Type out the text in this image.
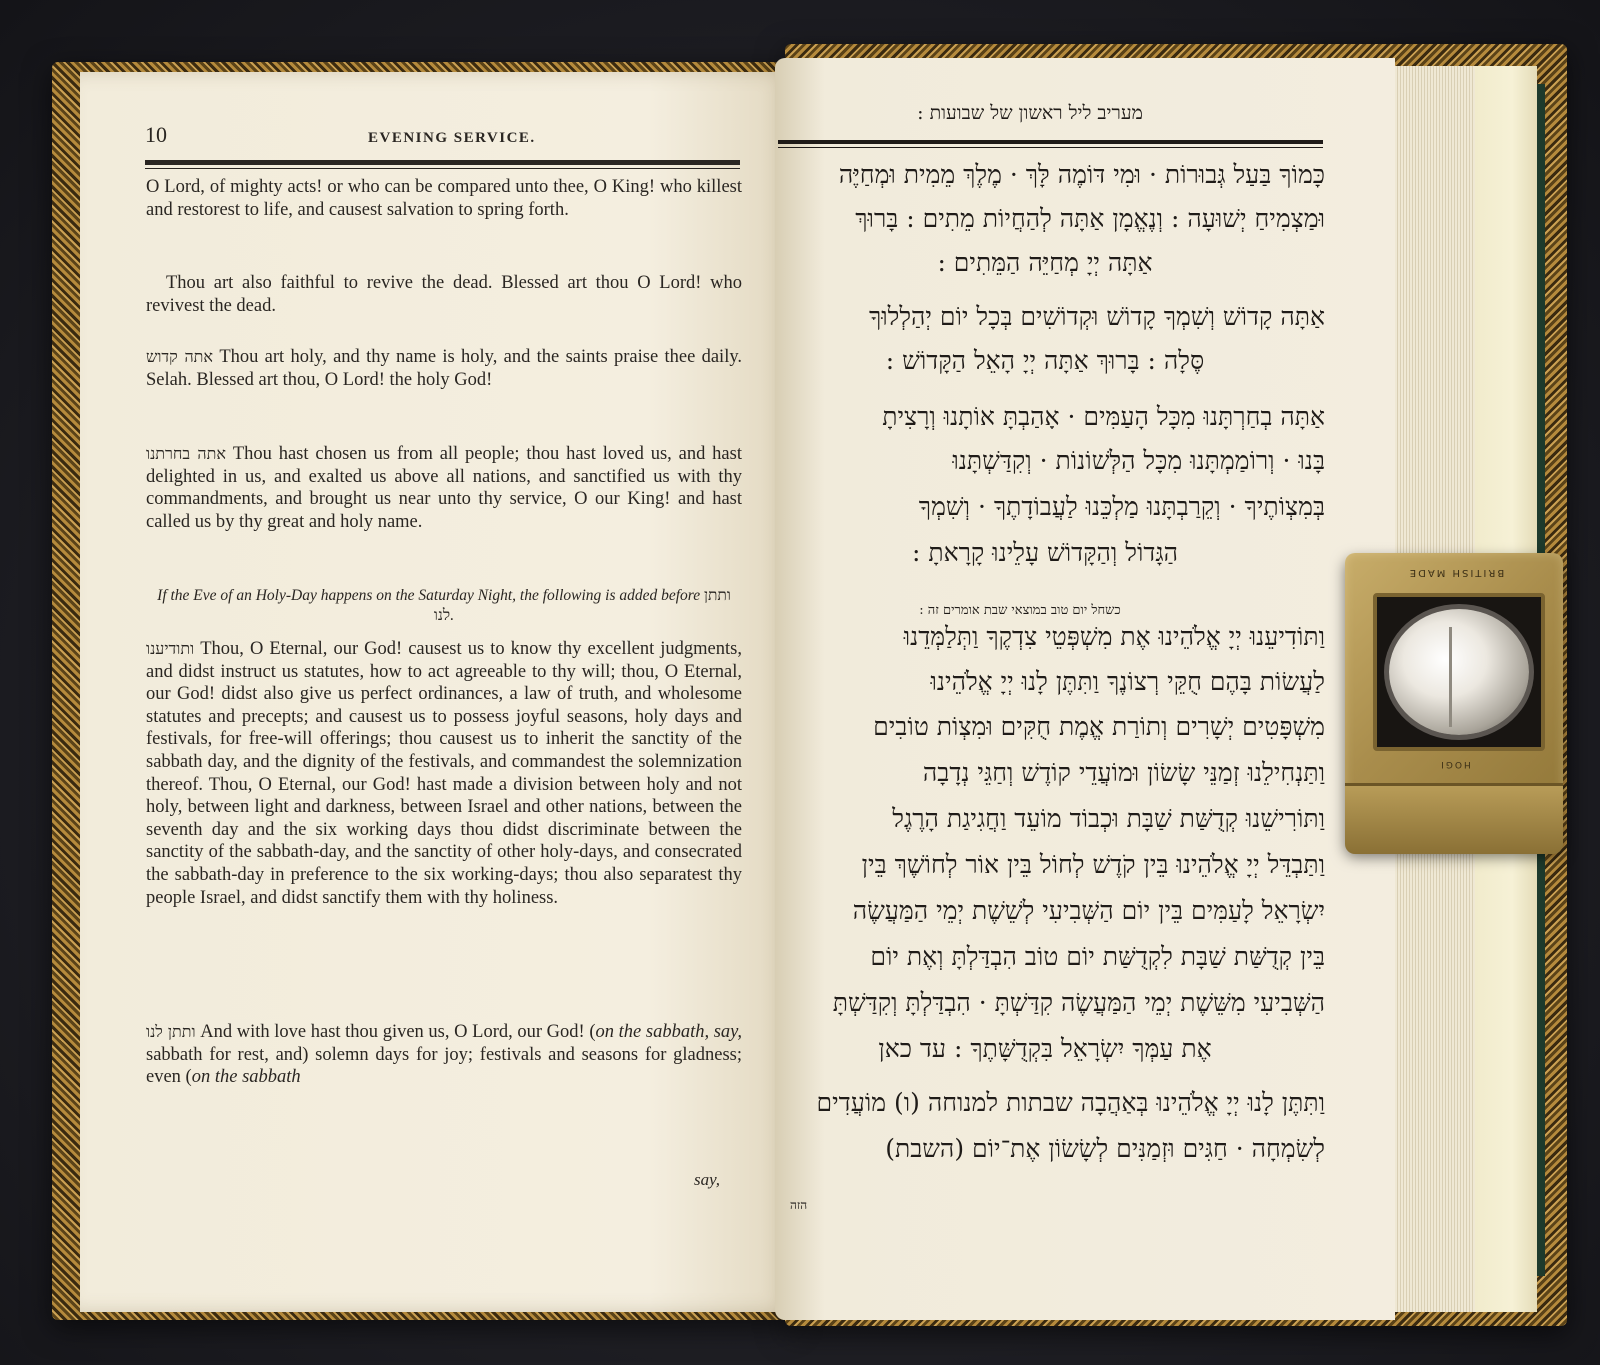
10	EVENING SERVICE.
O Lord, of mighty acts! or who can be compared unto thee, O King! who killest and restorest to life, and causest salvation to spring forth.
Thou art also faithful to revive the dead. Blessed art thou O Lord! who revivest the dead.
אתה קדוש Thou art holy, and thy name is holy, and the saints praise thee daily. Selah. Blessed art thou, O Lord! the holy God!
אתה בחרתנו Thou hast chosen us from all people; thou hast loved us, and hast delighted in us, and exalted us above all nations, and sanctified us with thy commandments, and brought us near unto thy service, O our King! and hast called us by thy great and holy name.
If the Eve of an Holy-Day happens on the Saturday Night, the following is added before ותתן לנו.
ותודיענו Thou, O Eternal, our God! causest us to know thy excellent judgments, and didst instruct us statutes, how to act agreeable to thy will; thou, O Eternal, our God! didst also give us perfect ordinances, a law of truth, and wholesome statutes and precepts; and causest us to possess joyful seasons, holy days and festivals, for free-will offerings; thou causest us to inherit the sanctity of the sabbath day, and the dignity of the festivals, and commandest the solemnization thereof. Thou, O Eternal, our God! hast made a division between holy and not holy, between light and darkness, between Israel and other nations, between the seventh day and the six working days thou didst discriminate between the sanctity of the sabbath-day, and the sanctity of other holy-days, and consecrated the sabbath-day in preference to the six working-days; thou also separatest thy people Israel, and didst sanctify them with thy holiness.
ותתן לנו And with love hast thou given us, O Lord, our God! (on the sabbath, say, sabbath for rest, and) solemn days for joy; festivals and seasons for gladness; even (on the sabbath
say,
מעריב ליל ראשון של שבועות :
כָּמוֹךָ בַּעַל גְּבוּרוֹת · וּמִי דּוֹמֶה לָּךְ · מֶלֶךְ מֵמִית וּמְחַיֶּה
וּמַצְמִיחַ יְשׁוּעָה : וְנֶאֱמָן אַתָּה לְהַחֲיוֹת מֵתִים : בָּרוּךְ
אַתָּה יְיָ מְחַיֵּה הַמֵּתִים :
אַתָּה קָדוֹשׁ וְשִׁמְךָ קָדוֹשׁ וּקְדוֹשִׁים בְּכָל יוֹם יְהַלְלוּךָ
סֶּלָה : בָּרוּךְ אַתָּה יְיָ הָאֵל הַקָּדוֹשׁ :
אַתָּה בְחַרְתָּנוּ מִכָּל הָעַמִּים · אָהַבְתָּ אוֹתָנוּ וְרָצִיתָ
בָּנוּ · וְרוֹמַמְתָּנוּ מִכָּל הַלְּשׁוֹנוֹת · וְקִדַּשְׁתָּנוּ
בְּמִצְוֹתֶיךָ · וְקֵרַבְתָּנוּ מַלְכֵּנוּ לַעֲבוֹדָתֶךָ · וְשִׁמְךָ
הַגָּדוֹל וְהַקָּדוֹשׁ עָלֵינוּ קָרָאתָ :
כשחל יום טוב במוצאי שבת אומרים זה :
וַתּוֹדִיעֵנוּ יְיָ אֱלֹהֵינוּ אֶת מִשְׁפְּטֵי צִדְקֶךָ וַתְּלַמְּדֵנוּ
לַעֲשׂוֹת בָּהֶם חֻקֵּי רְצוֹנֶךָ וַתִּתֶּן לָנוּ יְיָ אֱלֹהֵינוּ
מִשְׁפָּטִים יְשָׁרִים וְתוֹרַת אֱמֶת חֻקִּים וּמִצְוֹת טוֹבִים
וַתַּנְחִילֵנוּ זְמַנֵּי שָׂשׂוֹן וּמוֹעֲדֵי קוֹדֶשׁ וְחַגֵּי נְדָבָה
וַתּוֹרִישֵׁנוּ קְדֻשַּׁת שַׁבָּת וּכְבוֹד מוֹעֵד וַחֲגִיגַת הָרֶגֶל
וַתַּבְדֵּל יְיָ אֱלֹהֵינוּ בֵּין קֹדֶשׁ לְחוֹל בֵּין אוֹר לְחוֹשֶׁךְ בֵּין
יִשְׂרָאֵל לָעַמִּים בֵּין יוֹם הַשְּׁבִיעִי לְשֵׁשֶׁת יְמֵי הַמַּעֲשֶׂה
בֵּין קְדֻשַּׁת שַׁבָּת לִקְדֻשַּׁת יוֹם טוֹב הִבְדַּלְתָּ וְאֶת יוֹם
הַשְּׁבִיעִי מִשֵּׁשֶׁת יְמֵי הַמַּעֲשֶׂה קִדַּשְׁתָּ · הִבְדַּלְתָּ וְקִדַּשְׁתָּ
אֶת עַמְּךָ יִשְׂרָאֵל בִּקְדֻשָּׁתֶךָ : עד כאן
וַתִּתֶּן לָנוּ יְיָ אֱלֹהֵינוּ בְּאַהֲבָה שבתות למנוחה (ו) מוֹעֲדִים
לְשִׂמְחָה · חַגִּים וּזְמַנִּים לְשָׂשׂוֹן אֶת־יוֹם (השבת)
הזה
BRITISH MADE
HOGI
